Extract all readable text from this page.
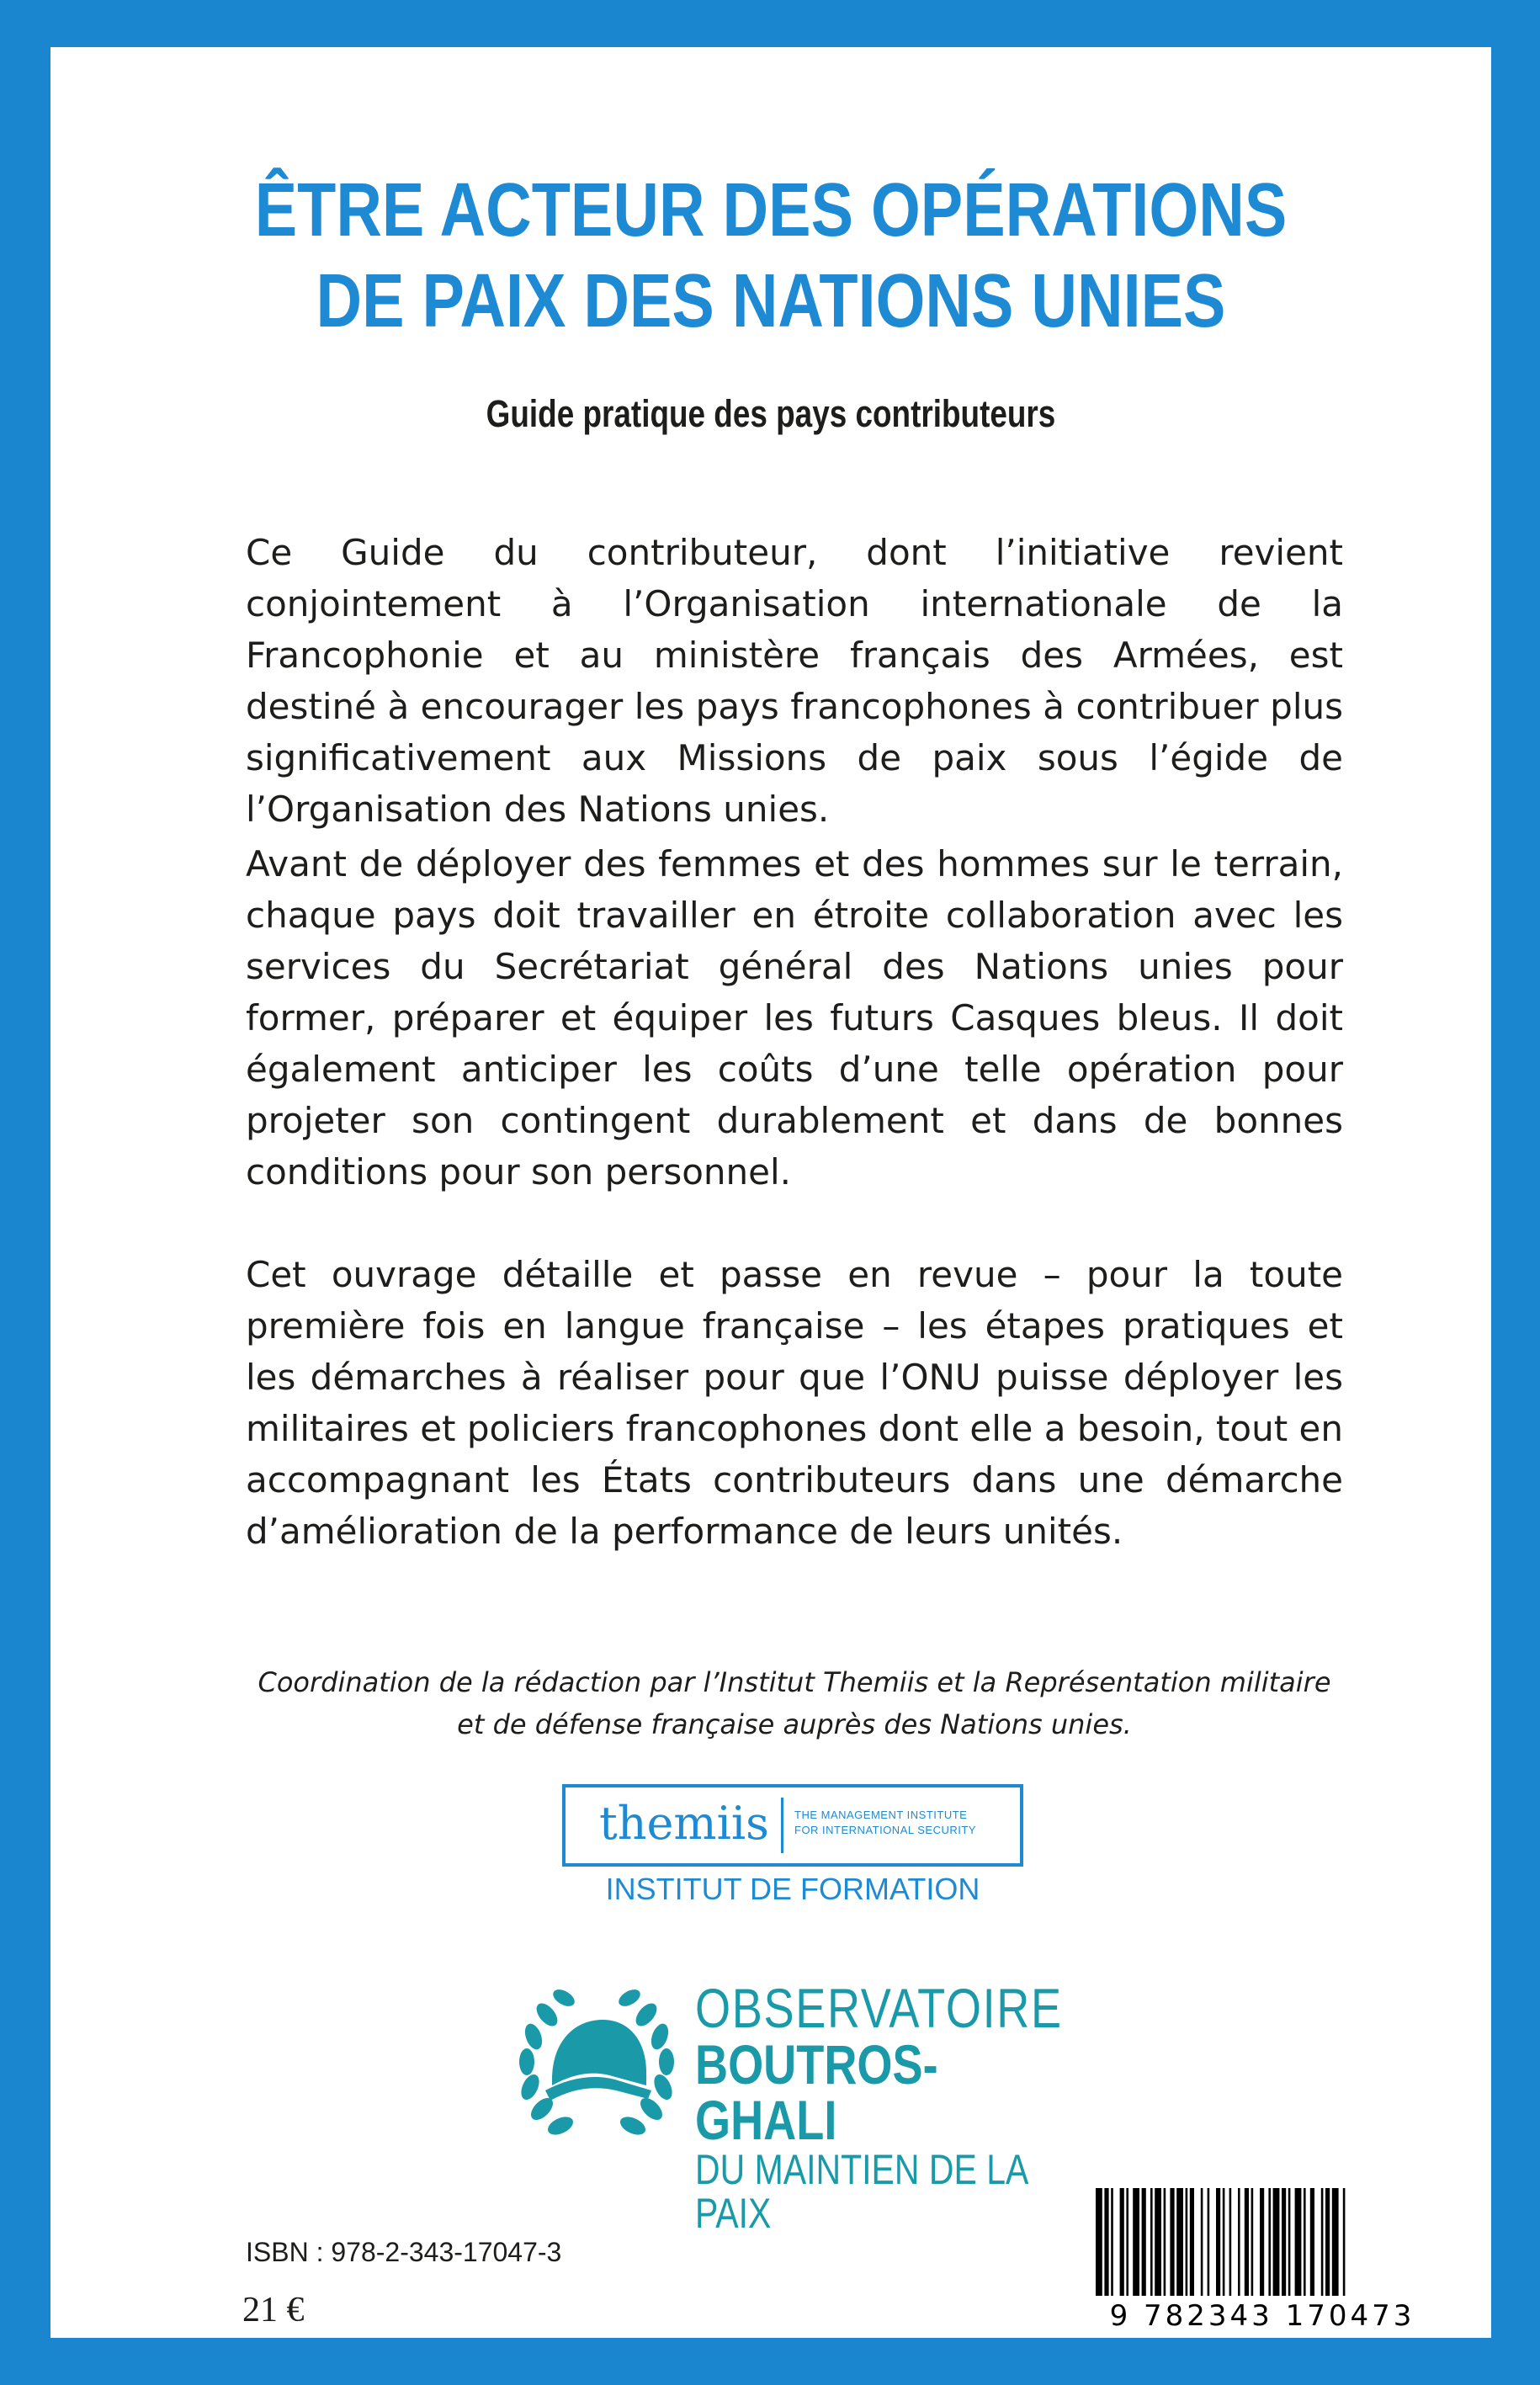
ÊTRE ACTEUR DES OPÉRATIONS
DE PAIX DES NATIONS UNIES
Guide pratique des pays contributeurs

Ce Guide du contributeur, dont l’initiative revient conjointement à l’Organisation internationale de la Francophonie et au ministère français des Armées, est destiné à encourager les pays francophones à contribuer plus significativement aux Missions de paix sous l’égide de l’Organisation des Nations unies.

Avant de déployer des femmes et des hommes sur le terrain, chaque pays doit travailler en étroite collaboration avec les services du Secrétariat général des Nations unies pour former, préparer et équiper les futurs Casques bleus. Il doit également anticiper les coûts d’une telle opération pour projeter son contingent durablement et dans de bonnes conditions pour son personnel.

Cet ouvrage détaille et passe en revue – pour la toute première fois en langue française – les étapes pratiques et les démarches à réaliser pour que l’ONU puisse déployer les militaires et policiers francophones dont elle a besoin, tout en accompagnant les États contributeurs dans une démarche d’amélioration de la performance de leurs unités.

Coordination de la rédaction par l’Institut Themiis et la Représentation militaire
et de défense française auprès des Nations unies.
themiis THE MANAGEMENT INSTITUTE
FOR INTERNATIONAL SECURITY
INSTITUT DE FORMATION
OBSERVATOIRE
BOUTROS-GHALI
DU MAINTIEN DE LA PAIX
ISBN : 978-2-343-17047-3
21 €	9 782343 170473
